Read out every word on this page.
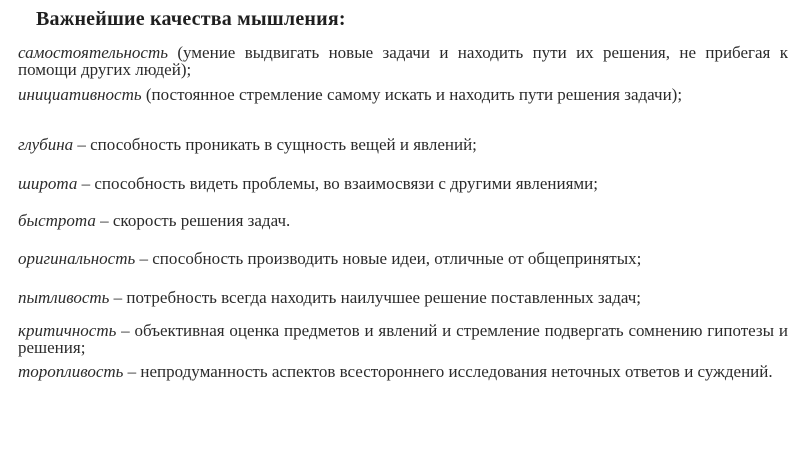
Важнейшие качества мышления:

самостоятельность (умение выдвигать новые задачи и находить пути их решения, не прибегая к помощи других людей);

инициативность (постоянное стремление самому искать и находить пути решения задачи);

глубина – способность проникать в сущность вещей и явлений;

широта – способность видеть проблемы, во взаимосвязи с другими явлениями;

быстрота – скорость решения задач.

оригинальность – способность производить новые идеи, отличные от общепринятых;

пытливость – потребность всегда находить наилучшее решение поставленных задач;

критичность – объективная оценка предметов и явлений и стремление подвергать сомнению гипотезы и решения;

торопливость – непродуманность аспектов всестороннего исследования неточных ответов и суждений.
